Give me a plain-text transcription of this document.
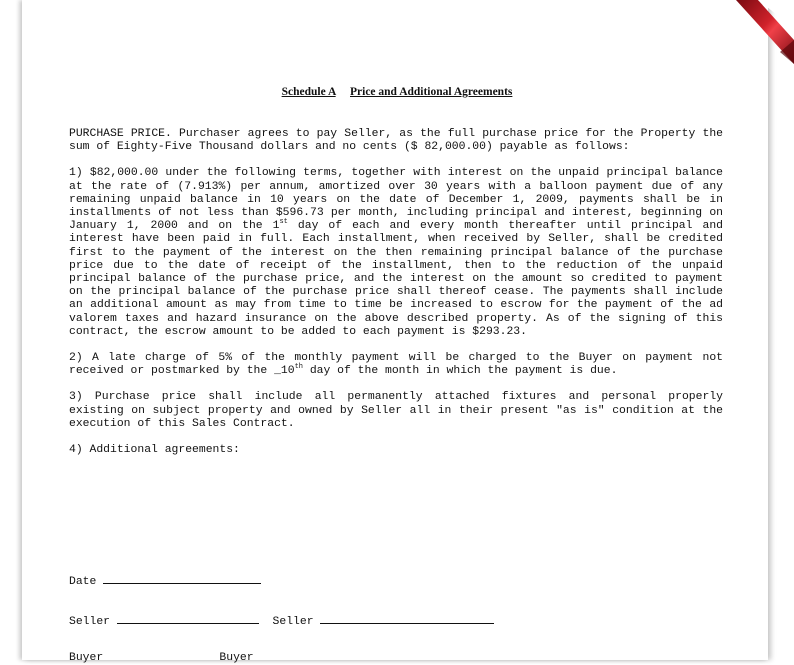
Schedule A Price and Additional Agreements

PURCHASE PRICE. Purchaser agrees to pay Seller, as the full purchase price for the Property the sum of Eighty-Five Thousand dollars and no cents ($ 82,000.00) payable as follows:

1) $82,000.00 under the following terms, together with interest on the unpaid principal balance at the rate of (7.913%) per annum, amortized over 30 years with a balloon payment due of any remaining unpaid balance in 10 years on the date of December 1, 2009, payments shall be in installments of not less than $596.73 per month, including principal and interest, beginning on January 1, 2000 and on the 1st day of each and every month thereafter until principal and interest have been paid in full. Each installment, when received by Seller, shall be credited first to the payment of the interest on the then remaining principal balance of the purchase price due to the date of receipt of the installment, then to the reduction of the unpaid principal balance of the purchase price, and the interest on the amount so credited to payment on the principal balance of the purchase price shall thereof cease. The payments shall include an additional amount as may from time to time be increased to escrow for the payment of the ad valorem taxes and hazard insurance on the above described property. As of the signing of this contract, the escrow amount to be added to each payment is $293.23.

2) A late charge of 5% of the monthly payment will be charged to the Buyer on payment not received or postmarked by the _10th day of the month in which the payment is due.

3) Purchase price shall include all permanently attached fixtures and personal properly existing on subject property and owned by Seller all in their present "as is" condition at the execution of this Sales Contract.

4) Additional agreements:

Date
Seller	Seller
Buyer	Buyer
